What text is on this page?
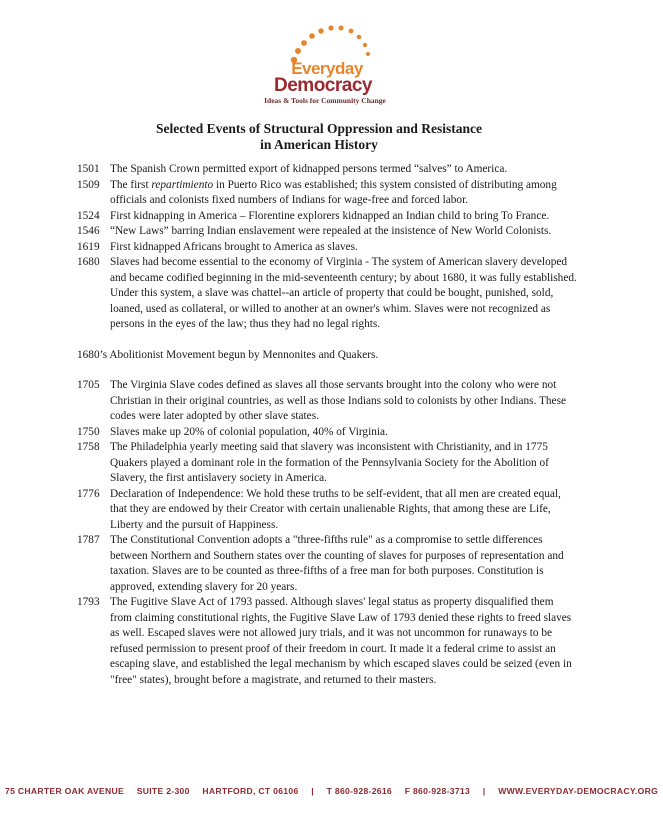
Everyday
Democracy
Ideas & Tools for Community Change
Selected Events of Structural Oppression and Resistance
in American History
1501 The Spanish Crown permitted export of kidnapped persons termed “salves” to America.
1509 The first repartimiento in Puerto Rico was established; this system consisted of distributing among officials and colonists fixed numbers of Indians for wage-free and forced labor.
1524 First kidnapping in America – Florentine explorers kidnapped an Indian child to bring To France.
1546 “New Laws” barring Indian enslavement were repealed at the insistence of New World Colonists.
1619 First kidnapped Africans brought to America as slaves.
1680 Slaves had become essential to the economy of Virginia - The system of American slavery developed and became codified beginning in the mid-seventeenth century; by about 1680, it was fully established. Under this system, a slave was chattel--an article of property that could be bought, punished, sold, loaned, used as collateral, or willed to another at an owner's whim. Slaves were not recognized as persons in the eyes of the law; thus they had no legal rights.
1680’s Abolitionist Movement begun by Mennonites and Quakers.
1705 The Virginia Slave codes defined as slaves all those servants brought into the colony who were not Christian in their original countries, as well as those Indians sold to colonists by other Indians. These codes were later adopted by other slave states.
1750 Slaves make up 20% of colonial population, 40% of Virginia.
1758 The Philadelphia yearly meeting said that slavery was inconsistent with Christianity, and in 1775 Quakers played a dominant role in the formation of the Pennsylvania Society for the Abolition of Slavery, the first antislavery society in America.
1776 Declaration of Independence: We hold these truths to be self-evident, that all men are created equal, that they are endowed by their Creator with certain unalienable Rights, that among these are Life, Liberty and the pursuit of Happiness.
1787 The Constitutional Convention adopts a "three-fifths rule" as a compromise to settle differences between Northern and Southern states over the counting of slaves for purposes of representation and taxation. Slaves are to be counted as three-fifths of a free man for both purposes. Constitution is approved, extending slavery for 20 years.
1793 The Fugitive Slave Act of 1793 passed. Although slaves' legal status as property disqualified them from claiming constitutional rights, the Fugitive Slave Law of 1793 denied these rights to freed slaves as well. Escaped slaves were not allowed jury trials, and it was not uncommon for runaways to be refused permission to present proof of their freedom in court. It made it a federal crime to assist an escaping slave, and established the legal mechanism by which escaped slaves could be seized (even in "free" states), brought before a magistrate, and returned to their masters.
75 CHARTER OAK AVENUE SUITE 2-300 HARTFORD, CT 06106 | T 860-928-2616 F 860-928-3713 | WWW.EVERYDAY-DEMOCRACY.ORG
